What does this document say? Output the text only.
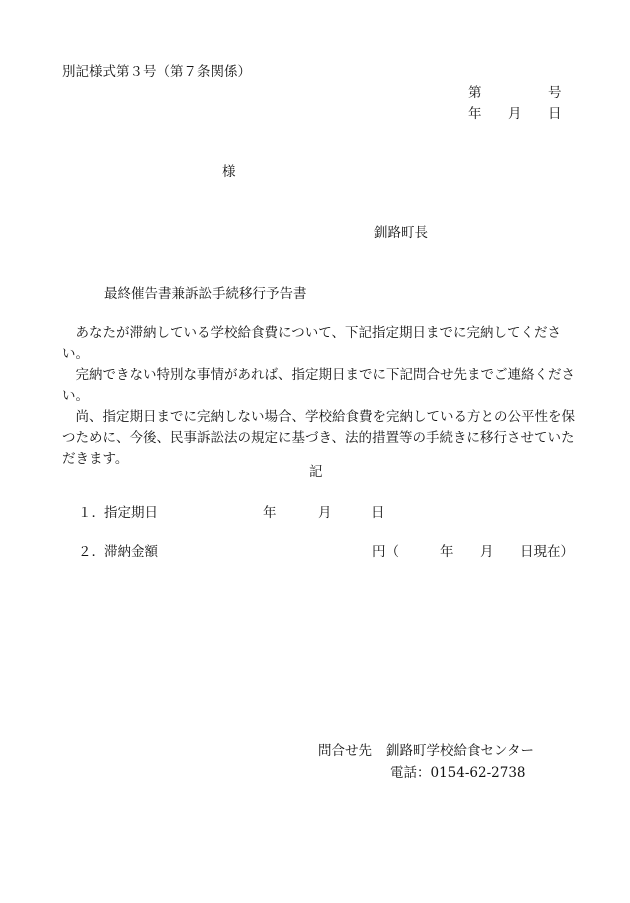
別記様式第３号（第７条関係）
第	号
年 月 日
様
釧路町長
最終催告書兼訴訟手続移行予告書

あなたが滞納している学校給食費について、下記指定期日までに完納してください。

完納できない特別な事情があれば、指定期日までに下記問合せ先までご連絡ください。

尚、指定期日までに完納しない場合、学校給食費を完納している方との公平性を保つために、今後、民事訴訟法の規定に基づき、法的措置等の手続きに移行させていただきます。

記
１． 指定期日	年	月	日
２． 滞納金額	円（	年 月 日現在）
問合せ先 釧路町学校給食センター
電話：0154-62-2738
